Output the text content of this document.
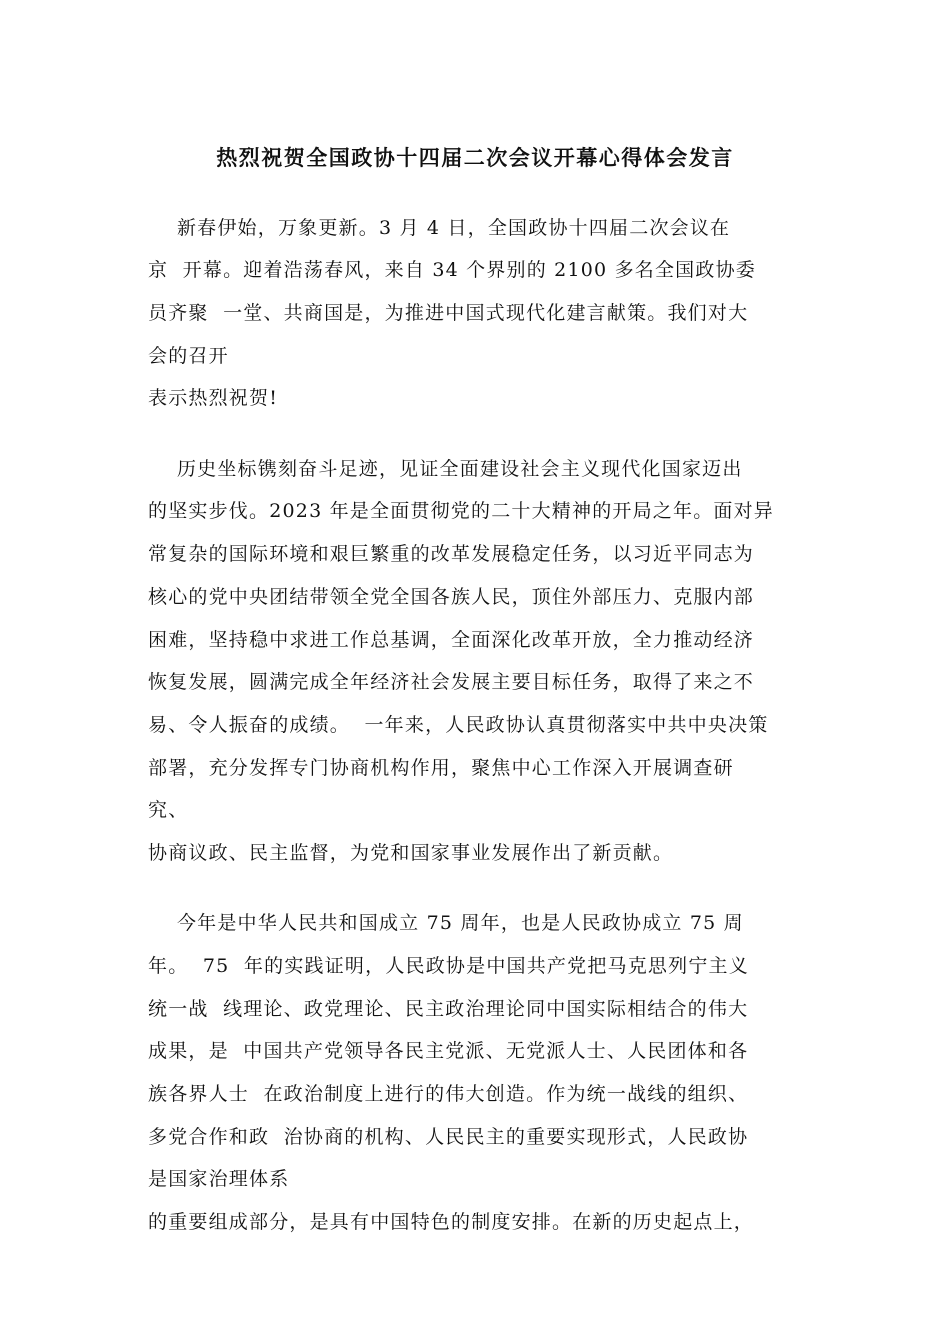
热烈祝贺全国政协十四届二次会议开幕心得体会发言
新春伊始，万象更新。3 月 4 日，全国政协十四届二次会议在
京  开幕。迎着浩荡春风，来自 34 个界别的 2100 多名全国政协委
员齐聚  一堂、共商国是，为推进中国式现代化建言献策。我们对大
会的召开
表示热烈祝贺!
历史坐标镌刻奋斗足迹，见证全面建设社会主义现代化国家迈出
的坚实步伐。2023 年是全面贯彻党的二十大精神的开局之年。面对异
常复杂的国际环境和艰巨繁重的改革发展稳定任务，以习近平同志为
核心的党中央团结带领全党全国各族人民，顶住外部压力、克服内部
困难，坚持稳中求进工作总基调，全面深化改革开放，全力推动经济
恢复发展，圆满完成全年经济社会发展主要目标任务，取得了来之不
易、令人振奋的成绩。  一年来，人民政协认真贯彻落实中共中央决策
部署，充分发挥专门协商机构作用，聚焦中心工作深入开展调查研
究、
协商议政、民主监督，为党和国家事业发展作出了新贡献。
今年是中华人民共和国成立 75 周年，也是人民政协成立 75 周
年。  75  年的实践证明，人民政协是中国共产党把马克思列宁主义
统一战  线理论、政党理论、民主政治理论同中国实际相结合的伟大
成果，是  中国共产党领导各民主党派、无党派人士、人民团体和各
族各界人士  在政治制度上进行的伟大创造。作为统一战线的组织、
多党合作和政  治协商的机构、人民民主的重要实现形式，人民政协
是国家治理体系
的重要组成部分，是具有中国特色的制度安排。在新的历史起点上，
